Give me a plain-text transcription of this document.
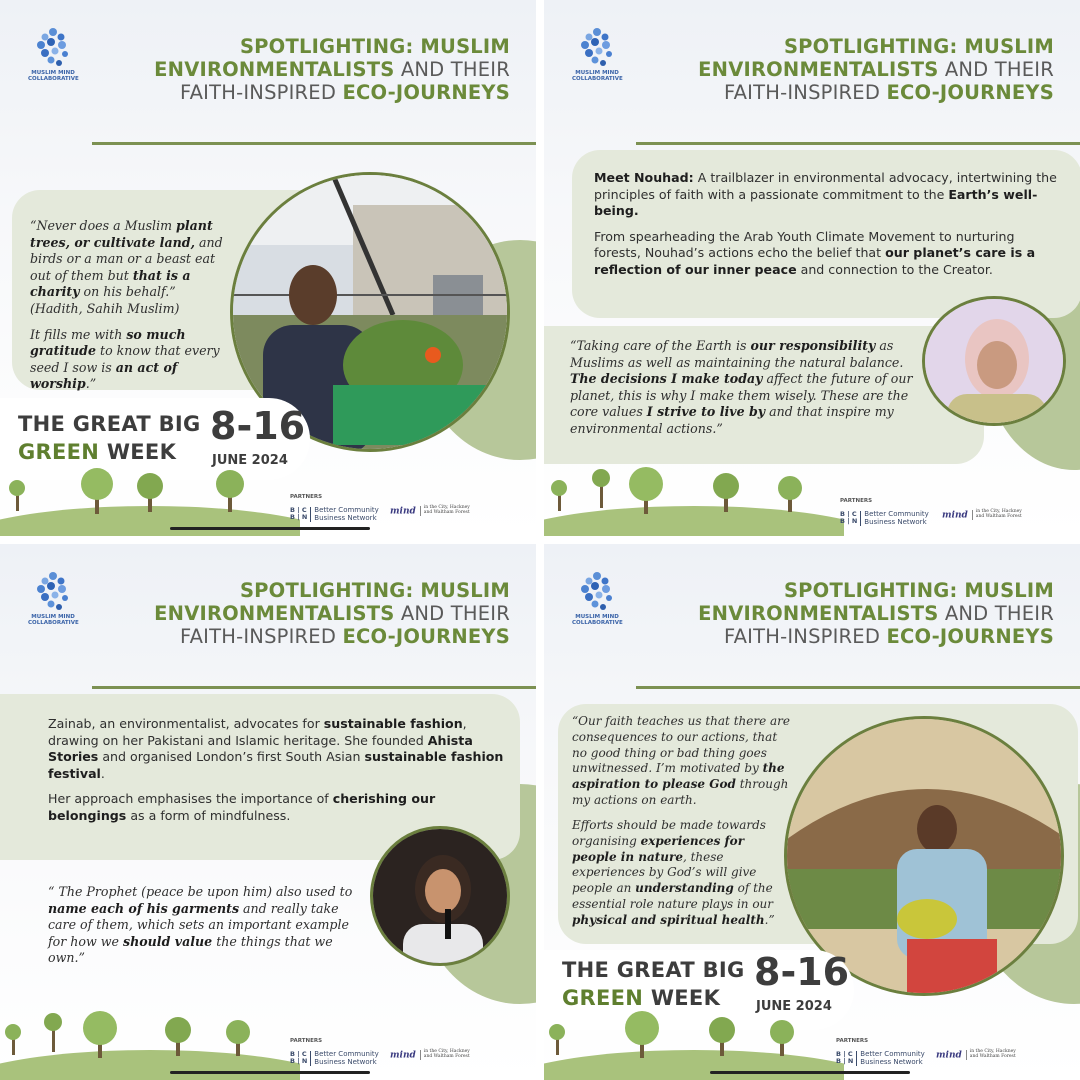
MUSLIM MIND
COLLABORATIVE
SPOTLIGHTING: MUSLIM
ENVIRONMENTALISTS AND THEIR
FAITH-INSPIRED ECO-JOURNEYS

“Never does a Muslim plant trees, or cultivate land, and birds or a man or a beast eat out of them but that is a charity on his behalf.” (Hadith, Sahih Muslim)

It fills me with so much gratitude to know that every seed I sow is an act of worship.”

THE GREAT BIG
GREEN WEEK
8-16
JUNE 2024
PARTNERS
B | C
B | NBetter Community
Business Network
mind in the City, Hackney
and Waltham Forest
MUSLIM MIND
COLLABORATIVE
SPOTLIGHTING: MUSLIM
ENVIRONMENTALISTS AND THEIR
FAITH-INSPIRED ECO-JOURNEYS

Meet Nouhad: A trailblazer in environmental advocacy, intertwining the principles of faith with a passionate commitment to the Earth’s well-being.

From spearheading the Arab Youth Climate Movement to nurturing forests, Nouhad’s actions echo the belief that our planet’s care is a reflection of our inner peace and connection to the Creator.

“Taking care of the Earth is our responsibility as Muslims as well as maintaining the natural balance. The decisions I make today affect the future of our planet, this is why I make them wisely. These are the core values I strive to live by and that inspire my environmental actions.”
PARTNERS
B | C
B | NBetter Community
Business Network
mind in the City, Hackney
and Waltham Forest
MUSLIM MIND
COLLABORATIVE
SPOTLIGHTING: MUSLIM
ENVIRONMENTALISTS AND THEIR
FAITH-INSPIRED ECO-JOURNEYS

Zainab, an environmentalist, advocates for sustainable fashion, drawing on her Pakistani and Islamic heritage. She founded Ahista Stories and organised London’s first South Asian sustainable fashion festival.

Her approach emphasises the importance of cherishing our belongings as a form of mindfulness.

“ The Prophet (peace be upon him) also used to name each of his garments and really take care of them, which sets an important example for how we should value the things that we own.”
PARTNERS
B | C
B | NBetter Community
Business Network
mind in the City, Hackney
and Waltham Forest
MUSLIM MIND
COLLABORATIVE
SPOTLIGHTING: MUSLIM
ENVIRONMENTALISTS AND THEIR
FAITH-INSPIRED ECO-JOURNEYS

“Our faith teaches us that there are consequences to our actions, that no good thing or bad thing goes unwitnessed. I’m motivated by the aspiration to please God through my actions on earth.

Efforts should be made towards organising experiences for people in nature, these experiences by God’s will give people an understanding of the essential role nature plays in our physical and spiritual health.”

THE GREAT BIG
GREEN WEEK
8-16
JUNE 2024
PARTNERS
B | C
B | NBetter Community
Business Network
mind in the City, Hackney
and Waltham Forest
